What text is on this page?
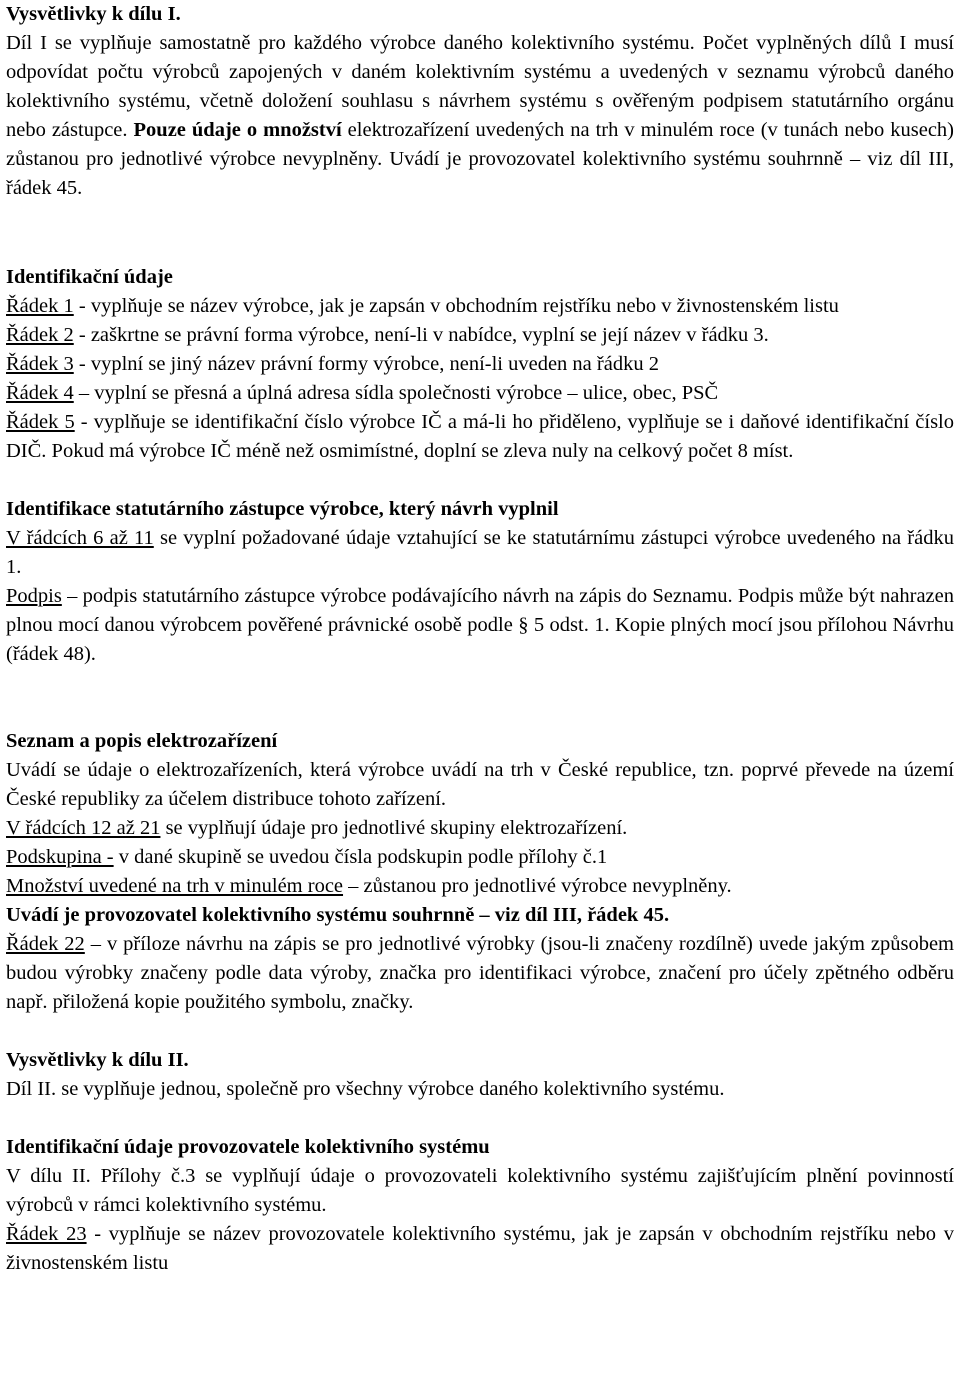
Vysvětlivky k dílu I.

Díl I se vyplňuje samostatně pro každého výrobce daného kolektivního systému. Počet vyplněných dílů I musí odpovídat počtu výrobců zapojených v daném kolektivním systému a uvedených v seznamu výrobců daného kolektivního systému, včetně doložení souhlasu s návrhem systému s ověřeným podpisem statutárního orgánu nebo zástupce. Pouze údaje o množství elektrozařízení uvedených na trh v minulém roce (v tunách nebo kusech) zůstanou pro jednotlivé výrobce nevyplněny. Uvádí je provozovatel kolektivního systému souhrnně – viz díl III, řádek 45.

Identifikační údaje

Řádek 1 - vyplňuje se název výrobce, jak je zapsán v obchodním rejstříku nebo v živnostenském listu

Řádek 2 - zaškrtne se právní forma výrobce, není-li v nabídce, vyplní se její název v řádku 3.

Řádek 3 - vyplní se jiný název právní formy výrobce, není-li uveden na řádku 2

Řádek 4 – vyplní se přesná a úplná adresa sídla společnosti výrobce – ulice, obec, PSČ

Řádek 5 - vyplňuje se identifikační číslo výrobce IČ a má-li ho přiděleno, vyplňuje se i daňové identifikační číslo DIČ. Pokud má výrobce IČ méně než osmimístné, doplní se zleva nuly na celkový počet 8 míst.

Identifikace statutárního zástupce výrobce, který návrh vyplnil

V řádcích 6 až 11 se vyplní požadované údaje vztahující se ke statutárnímu zástupci výrobce uvedeného na řádku 1.

Podpis – podpis statutárního zástupce výrobce podávajícího návrh na zápis do Seznamu. Podpis může být nahrazen plnou mocí danou výrobcem pověřené právnické osobě podle § 5 odst. 1. Kopie plných mocí jsou přílohou Návrhu (řádek 48).

Seznam a popis elektrozařízení

Uvádí se údaje o elektrozařízeních, která výrobce uvádí na trh v České republice, tzn. poprvé převede na území České republiky za účelem distribuce tohoto zařízení.

V řádcích 12 až 21 se vyplňují údaje pro jednotlivé skupiny elektrozařízení.

Podskupina - v dané skupině se uvedou čísla podskupin podle přílohy č.1

Množství uvedené na trh v minulém roce – zůstanou pro jednotlivé výrobce nevyplněny.

Uvádí je provozovatel kolektivního systému souhrnně – viz díl III, řádek 45.

Řádek 22 – v příloze návrhu na zápis se pro jednotlivé výrobky (jsou-li značeny rozdílně) uvede jakým způsobem budou výrobky značeny podle data výroby, značka pro identifikaci výrobce, značení pro účely zpětného odběru např. přiložená kopie použitého symbolu, značky.

Vysvětlivky k dílu II.

Díl II. se vyplňuje jednou, společně pro všechny výrobce daného kolektivního systému.

Identifikační údaje provozovatele kolektivního systému

V dílu II. Přílohy č.3 se vyplňují údaje o provozovateli kolektivního systému zajišťujícím plnění povinností výrobců v rámci kolektivního systému.

Řádek 23 - vyplňuje se název provozovatele kolektivního systému, jak je zapsán v obchodním rejstříku nebo v živnostenském listu
